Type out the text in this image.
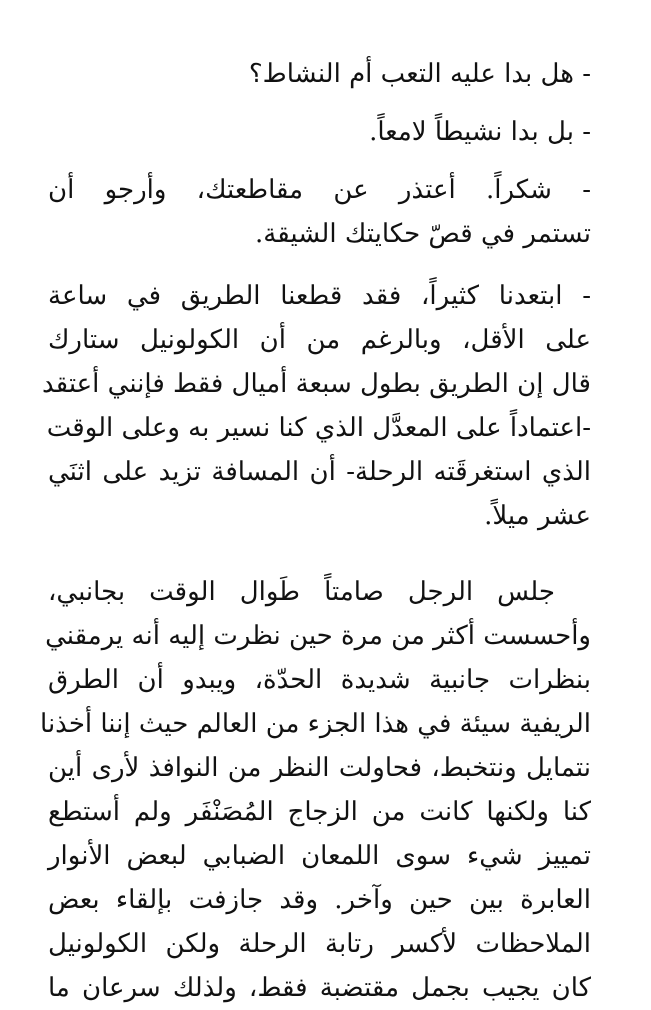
- هل بدا عليه التعب أم النشاط؟

- بل بدا نشيطاً لامعاً.

- شكراً. أعتذر عن مقاطعتك، وأرجو أن
تستمر في قصّ حكايتك الشيقة.

- ابتعدنا كثيراً، فقد قطعنا الطريق في ساعة
على الأقل، وبالرغم من أن الكولونيل ستارك
قال إن الطريق بطول سبعة أميال فقط فإنني أعتقد
-اعتماداً على المعدَّل الذي كنا نسير به وعلى الوقت
الذي استغرقَته الرحلة- أن المسافة تزيد على اثنَي
عشر ميلاً.

جلس الرجل صامتاً طَوال الوقت بجانبي،
وأحسست أكثر من مرة حين نظرت إليه أنه يرمقني
بنظرات جانبية شديدة الحدّة، ويبدو أن الطرق
الريفية سيئة في هذا الجزء من العالم حيث إننا أخذنا
نتمايل ونتخبط، فحاولت النظر من النوافذ لأرى أين
كنا ولكنها كانت من الزجاج المُصَنْفَر ولم أستطع
تمييز شيء سوى اللمعان الضبابي لبعض الأنوار
العابرة بين حين وآخر. وقد جازفت بإلقاء بعض
الملاحظات لأكسر رتابة الرحلة ولكن الكولونيل
كان يجيب بجمل مقتضبة فقط، ولذلك سرعان ما
